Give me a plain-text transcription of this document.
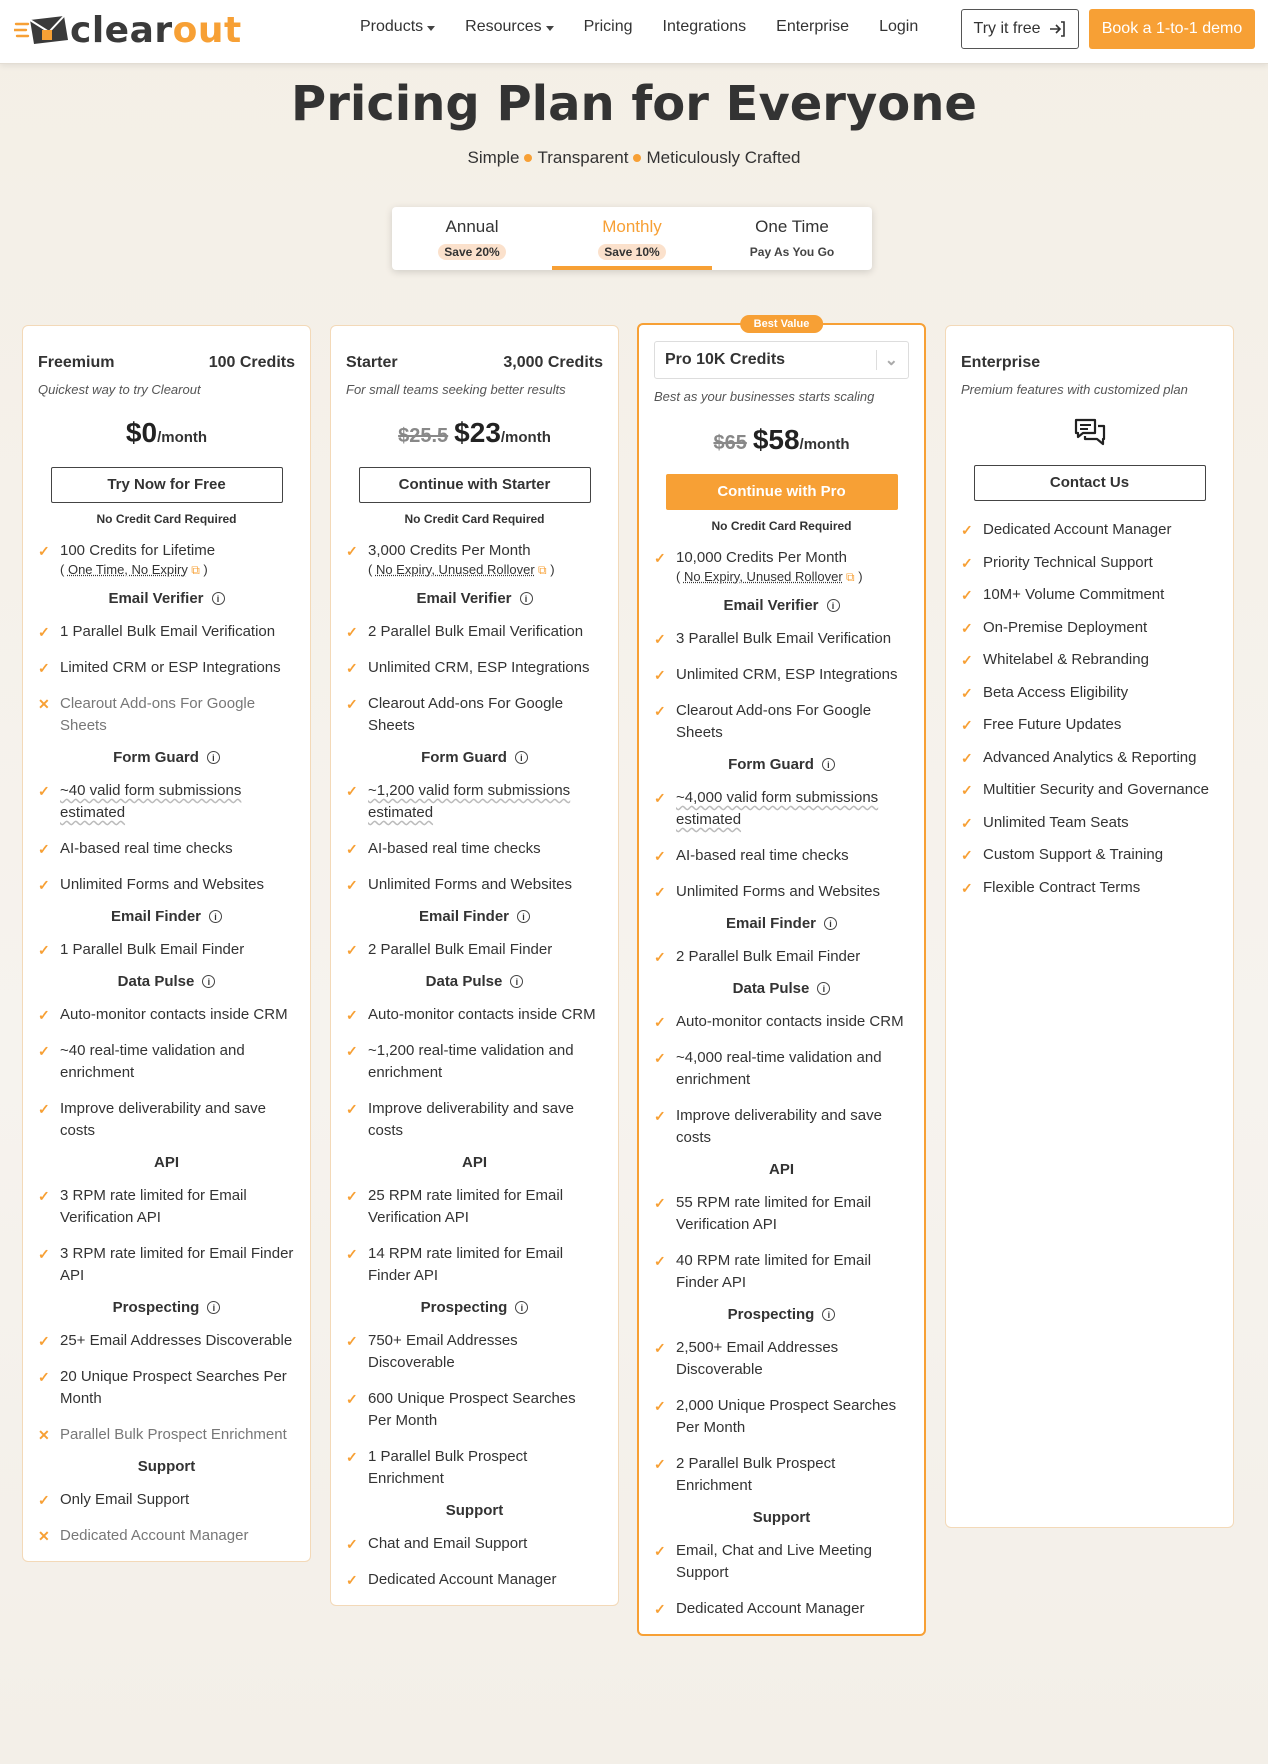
clearout	Products	Resources	Pricing Integrations Enterprise Login	Try it free	Book a 1-to-1 demo
Pricing Plan for Everyone
Simple Transparent Meticulously Crafted
Annual
Save 20%
Monthly
Save 10%
One Time
Pay As You Go
Freemium	100 Credits
Quickest way to try Clearout
$0 /month
Try Now for Free
No Credit Card Required
✓ 100 Credits for Lifetime
( One Time, No Expiry ⧉ )
Email Verifier	i
✓ 1 Parallel Bulk Email Verification
✓ Limited CRM or ESP Integrations
✕ Clearout Add-ons For Google Sheets
Form Guard	i
✓ ~40 valid form submissions estimated
✓ AI-based real time checks
✓ Unlimited Forms and Websites
Email Finder	i
✓ 1 Parallel Bulk Email Finder
Data Pulse	i
✓ Auto-monitor contacts inside CRM
✓ ~40 real-time validation and enrichment
✓ Improve deliverability and save costs
API
✓ 3 RPM rate limited for Email Verification API
✓ 3 RPM rate limited for Email Finder API
Prospecting	i
✓ 25+ Email Addresses Discoverable
✓ 20 Unique Prospect Searches Per Month
✕ Parallel Bulk Prospect Enrichment
Support
✓ Only Email Support
✕ Dedicated Account Manager
Starter	3,000 Credits
For small teams seeking better results
$25.5 $23 /month
Continue with Starter
No Credit Card Required
✓ 3,000 Credits Per Month
( No Expiry, Unused Rollover ⧉ )
Email Verifier	i
✓ 2 Parallel Bulk Email Verification
✓ Unlimited CRM, ESP Integrations
✓ Clearout Add-ons For Google Sheets
Form Guard	i
✓ ~1,200 valid form submissions estimated
✓ AI-based real time checks
✓ Unlimited Forms and Websites
Email Finder	i
✓ 2 Parallel Bulk Email Finder
Data Pulse	i
✓ Auto-monitor contacts inside CRM
✓ ~1,200 real-time validation and enrichment
✓ Improve deliverability and save costs
API
✓ 25 RPM rate limited for Email Verification API
✓ 14 RPM rate limited for Email Finder API
Prospecting	i
✓ 750+ Email Addresses Discoverable
✓ 600 Unique Prospect Searches Per Month
✓ 1 Parallel Bulk Prospect Enrichment
Support
✓ Chat and Email Support
✓ Dedicated Account Manager
Best Value
Pro 10K Credits	⌄
Best as your businesses starts scaling
$65 $58 /month
Continue with Pro
No Credit Card Required
✓ 10,000 Credits Per Month
( No Expiry, Unused Rollover ⧉ )
Email Verifier	i
✓ 3 Parallel Bulk Email Verification
✓ Unlimited CRM, ESP Integrations
✓ Clearout Add-ons For Google Sheets
Form Guard	i
✓ ~4,000 valid form submissions estimated
✓ AI-based real time checks
✓ Unlimited Forms and Websites
Email Finder	i
✓ 2 Parallel Bulk Email Finder
Data Pulse	i
✓ Auto-monitor contacts inside CRM
✓ ~4,000 real-time validation and enrichment
✓ Improve deliverability and save costs
API
✓ 55 RPM rate limited for Email Verification API
✓ 40 RPM rate limited for Email Finder API
Prospecting	i
✓ 2,500+ Email Addresses Discoverable
✓ 2,000 Unique Prospect Searches Per Month
✓ 2 Parallel Bulk Prospect Enrichment
Support
✓ Email, Chat and Live Meeting Support
✓ Dedicated Account Manager
Enterprise
Premium features with customized plan
Contact Us
✓ Dedicated Account Manager
✓ Priority Technical Support
✓ 10M+ Volume Commitment
✓ On-Premise Deployment
✓ Whitelabel & Rebranding
✓ Beta Access Eligibility
✓ Free Future Updates
✓ Advanced Analytics & Reporting
✓ Multitier Security and Governance
✓ Unlimited Team Seats
✓ Custom Support & Training
✓ Flexible Contract Terms
